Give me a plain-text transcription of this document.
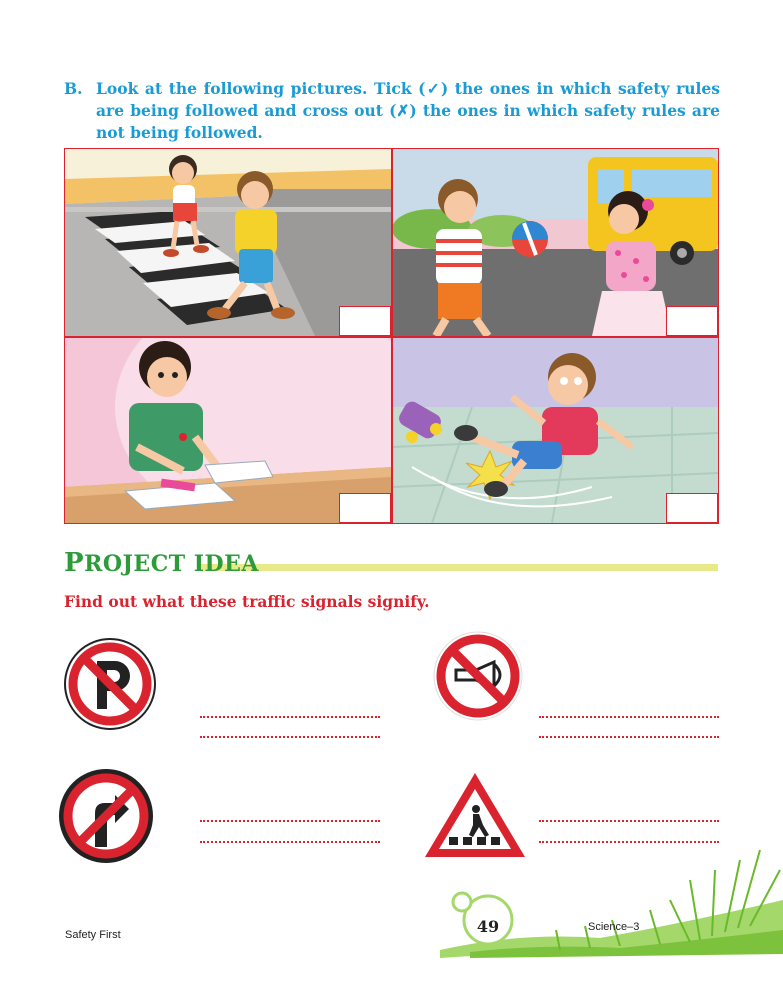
B. Look at the following pictures. Tick (✓) the ones in which safety rules are being followed and cross out (✗) the ones in which safety rules are not being followed.
PROJECT IDEA
Find out what these traffic signals signify.
Safety First	49	Science–3
